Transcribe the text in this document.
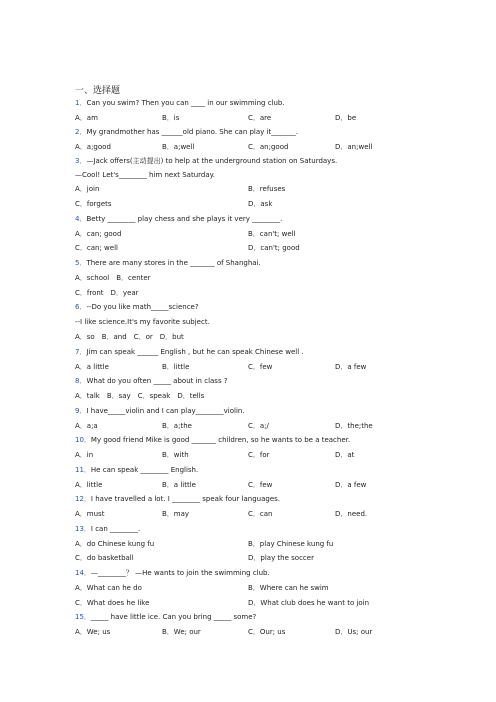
一、选择题
1．Can you swim? Then you can ____ in our swimming club.
A．am	B．is	C．are	D．be
2．My grandmother has ______old piano. She can play it_______.
A．a;good	B．a;well	C．an;good	D．an;well
3．—Jack offers(主动提出) to help at the underground station on Saturdays.
—Cool! Let's________ him next Saturday.
A．join	B．refuses
C．forgets	D．ask
4．Betty ________ play chess and she plays it very ________.
A．can; good	B．can't; well
C．can; well	D．can't; good
5．There are many stores in the _______ of Shanghai.
A．school　B．center
C．front　D．year
6．--Do you like math_____science?
--I like science.It's my favorite subject.
A．so　B．and　C．or　D．but
7．Jim can speak ______ English , but he can speak Chinese well .
A．a little	B．little	C．few	D．a few
8．What do you often _____ about in class ?
A．talk　B．say　C．speak　D．tells
9．I have_____violin and I can play________violin.
A．a;a	B．a;the	C．a;/	D．the;the
10．My good friend Mike is good _______ children, so he wants to be a teacher.
A．in	B．with	C．for	D．at
11．He can speak ________ English.
A．little	B．a little	C．few	D．a few
12．I have travelled a lot. I ________ speak four languages.
A．must	B．may	C．can	D．need.
13．I can ________.
A．do Chinese kung fu	B．play Chinese kung fu
C．do basketball	D．play the soccer
14．—________？ —He wants to join the swimming club.
A．What can he do	B．Where can he swim
C．What does he like	D．What club does he want to join
15．_____ have little ice. Can you bring _____ some?
A．We; us	B．We; our	C．Our; us	D．Us; our
